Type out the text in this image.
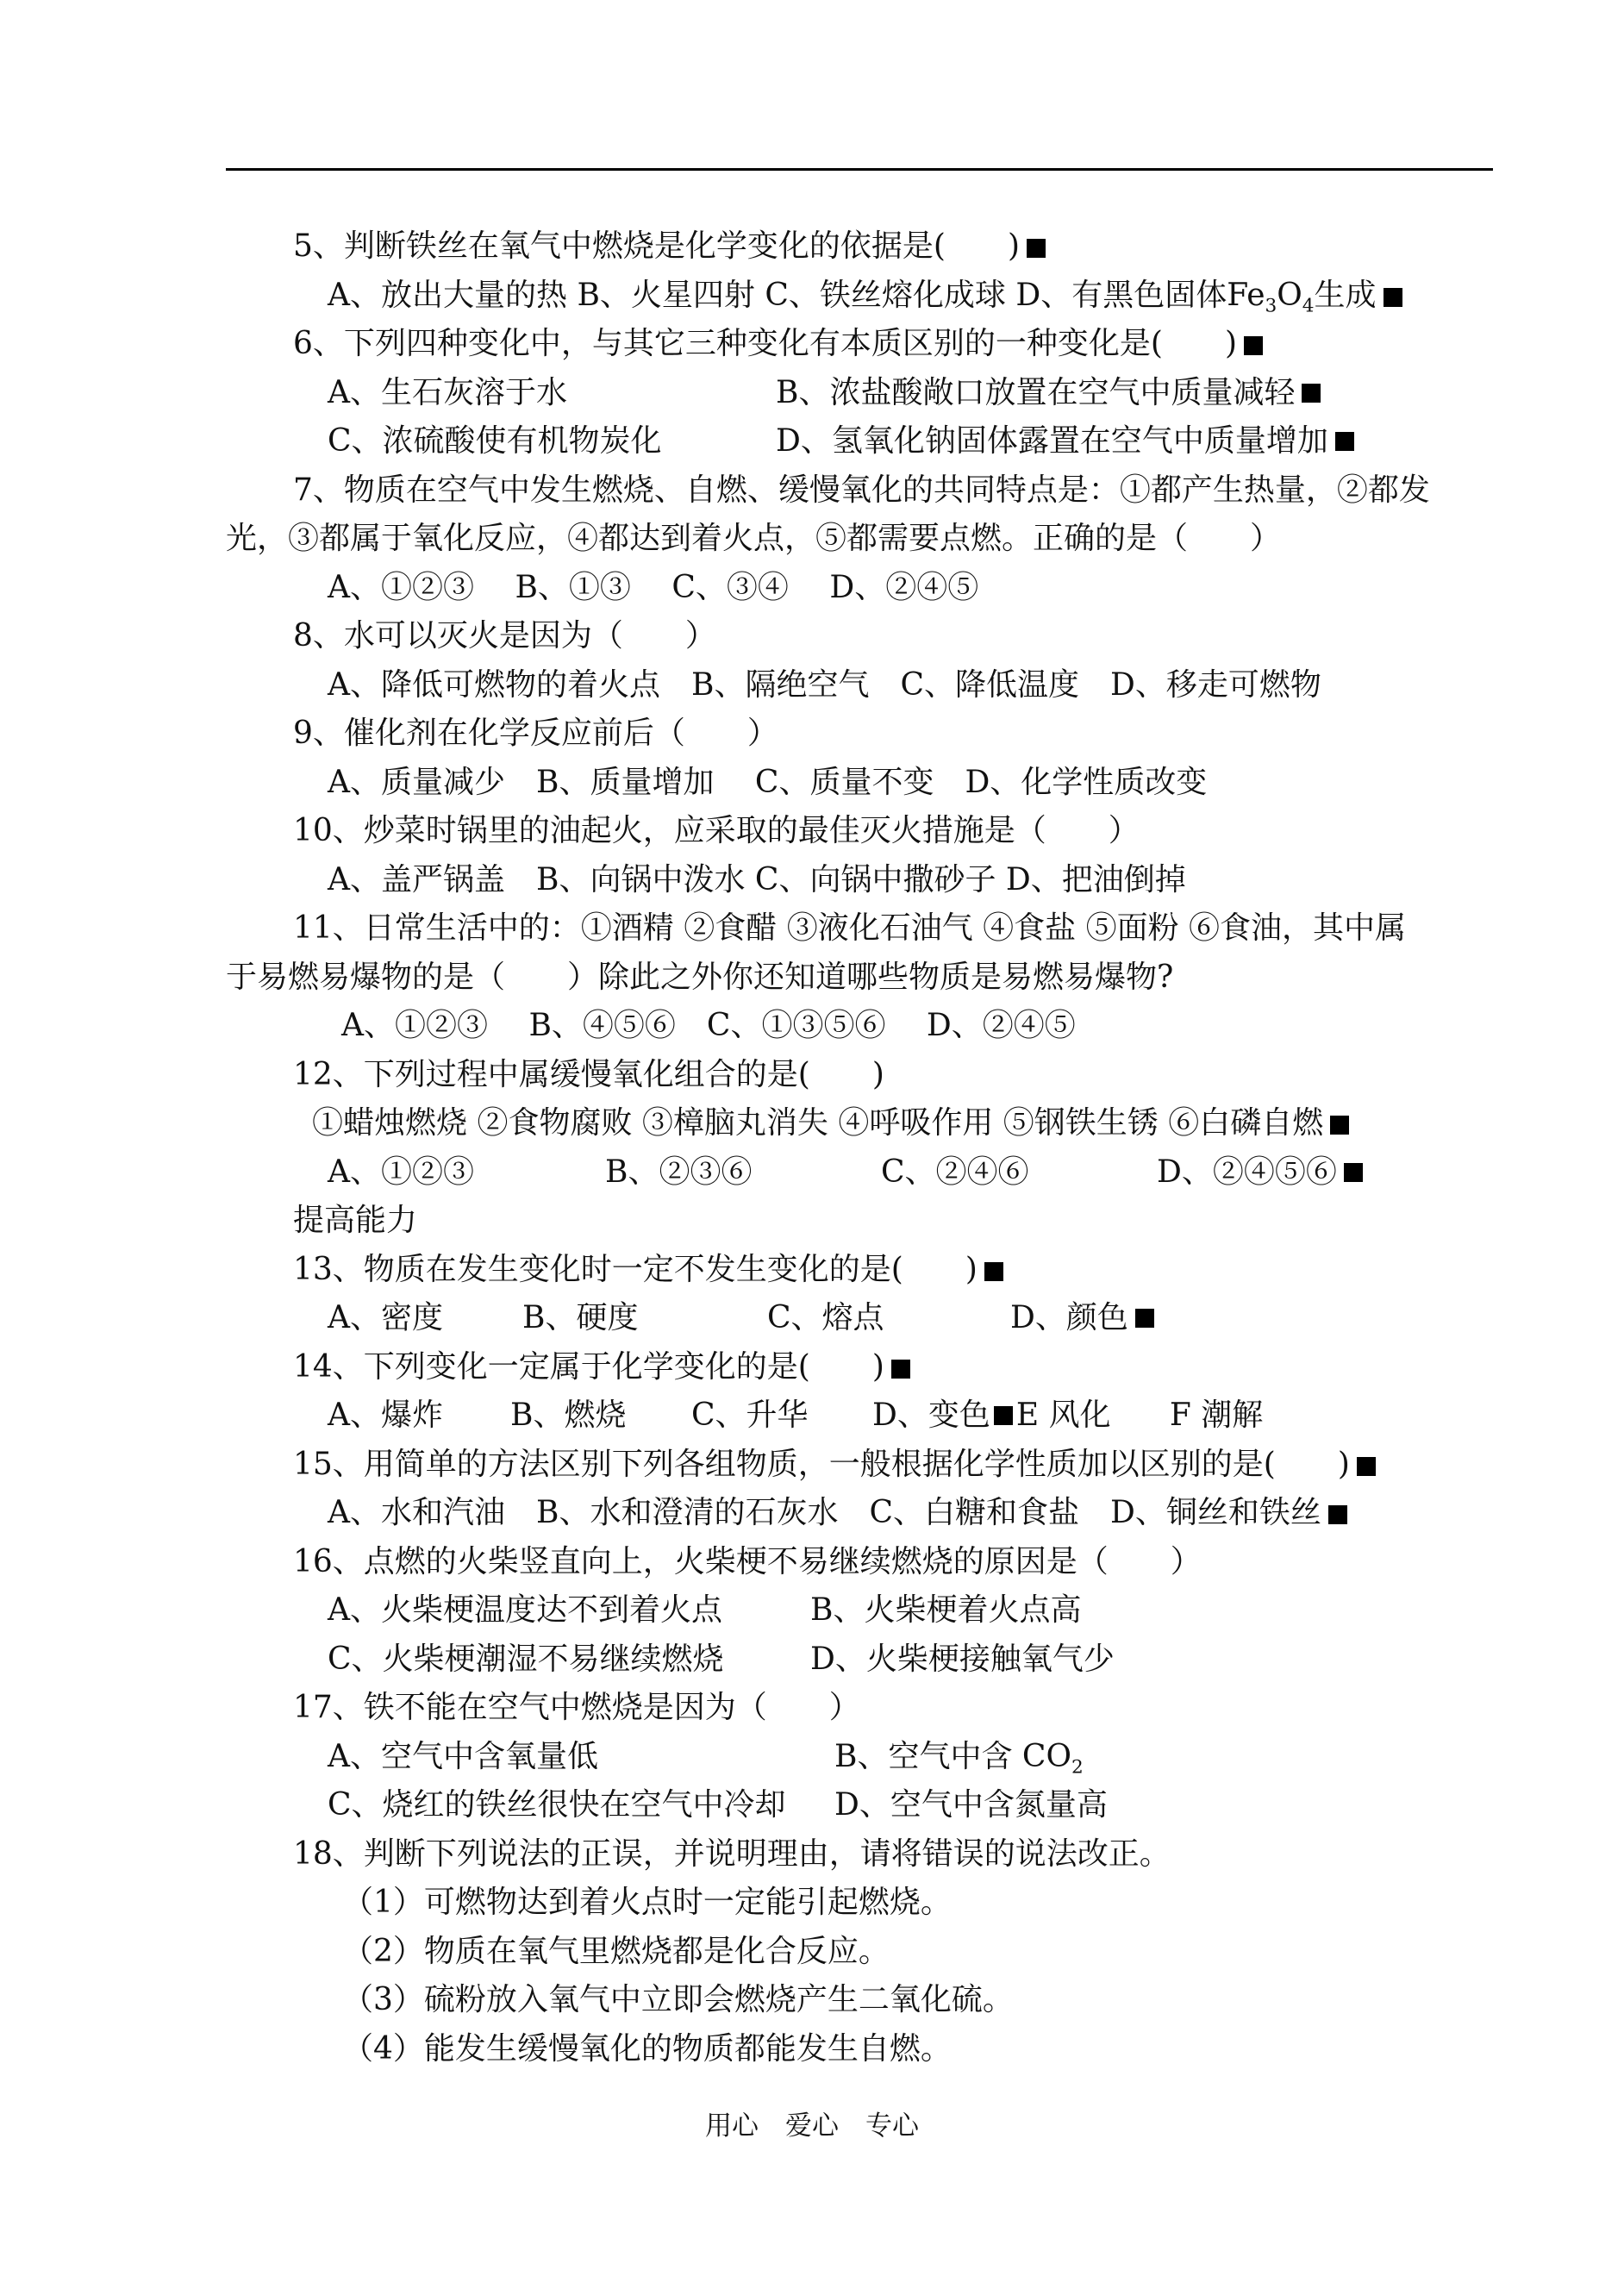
5、判断铁丝在氧气中燃烧是化学变化的依据是(　　)
A、放出大量的热 B、火星四射 C、铁丝熔化成球 D、有黑色固体$Fe_3O_4$生成
6、下列四种变化中，与其它三种变化有本质区别的一种变化是(　　)
A、生石灰溶于水	B、浓盐酸敞口放置在空气中质量减轻
C、浓硫酸使有机物炭化	D、氢氧化钠固体露置在空气中质量增加
7、物质在空气中发生燃烧、自燃、缓慢氧化的共同特点是：①都产生热量，②都发
光，③都属于氧化反应，④都达到着火点，⑤都需要点燃。正确的是（　　）
A、①②③　 B、①③　 C、③④　 D、②④⑤
8、水可以灭火是因为（　　）
A、降低可燃物的着火点　B、隔绝空气　C、降低温度　D、移走可燃物
9、催化剂在化学反应前后（　　）
A、质量减少　B、质量增加　 C、质量不变　D、化学性质改变
10、炒菜时锅里的油起火，应采取的最佳灭火措施是（　　）
A、盖严锅盖　B、向锅中泼水 C、向锅中撒砂子 D、把油倒掉
11、日常生活中的：①酒精 ②食醋 ③液化石油气 ④食盐 ⑤面粉 ⑥食油，其中属
于易燃易爆物的是（　　）除此之外你还知道哪些物质是易燃易爆物?
A、①②③　 B、④⑤⑥　C、①③⑤⑥　 D、②④⑤
12、下列过程中属缓慢氧化组合的是(　　)
①蜡烛燃烧 ②食物腐败 ③樟脑丸消失 ④呼吸作用 ⑤钢铁生锈 ⑥白磷自燃
A、①②③	B、②③⑥	C、②④⑥	D、②④⑤⑥
提高能力
13、物质在发生变化时一定不发生变化的是(　　)
A、密度	B、硬度	C、熔点	D、颜色
14、下列变化一定属于化学变化的是(　　)
A、爆炸	B、燃烧	C、升华	D、变色 E 风化	F 潮解
15、用简单的方法区别下列各组物质，一般根据化学性质加以区别的是(　　)
A、水和汽油　B、水和澄清的石灰水　C、白糖和食盐　D、铜丝和铁丝
16、点燃的火柴竖直向上，火柴梗不易继续燃烧的原因是（　　）
A、火柴梗温度达不到着火点	B、火柴梗着火点高
C、火柴梗潮湿不易继续燃烧	D、火柴梗接触氧气少
17、铁不能在空气中燃烧是因为（　　）
A、空气中含氧量低	B、空气中含 $CO_2$
C、烧红的铁丝很快在空气中冷却	D、空气中含氮量高
18、判断下列说法的正误，并说明理由，请将错误的说法改正。
（1）可燃物达到着火点时一定能引起燃烧。
（2）物质在氧气里燃烧都是化合反应。
（3）硫粉放入氧气中立即会燃烧产生二氧化硫。
（4）能发生缓慢氧化的物质都能发生自燃。
用心　爱心　专心
